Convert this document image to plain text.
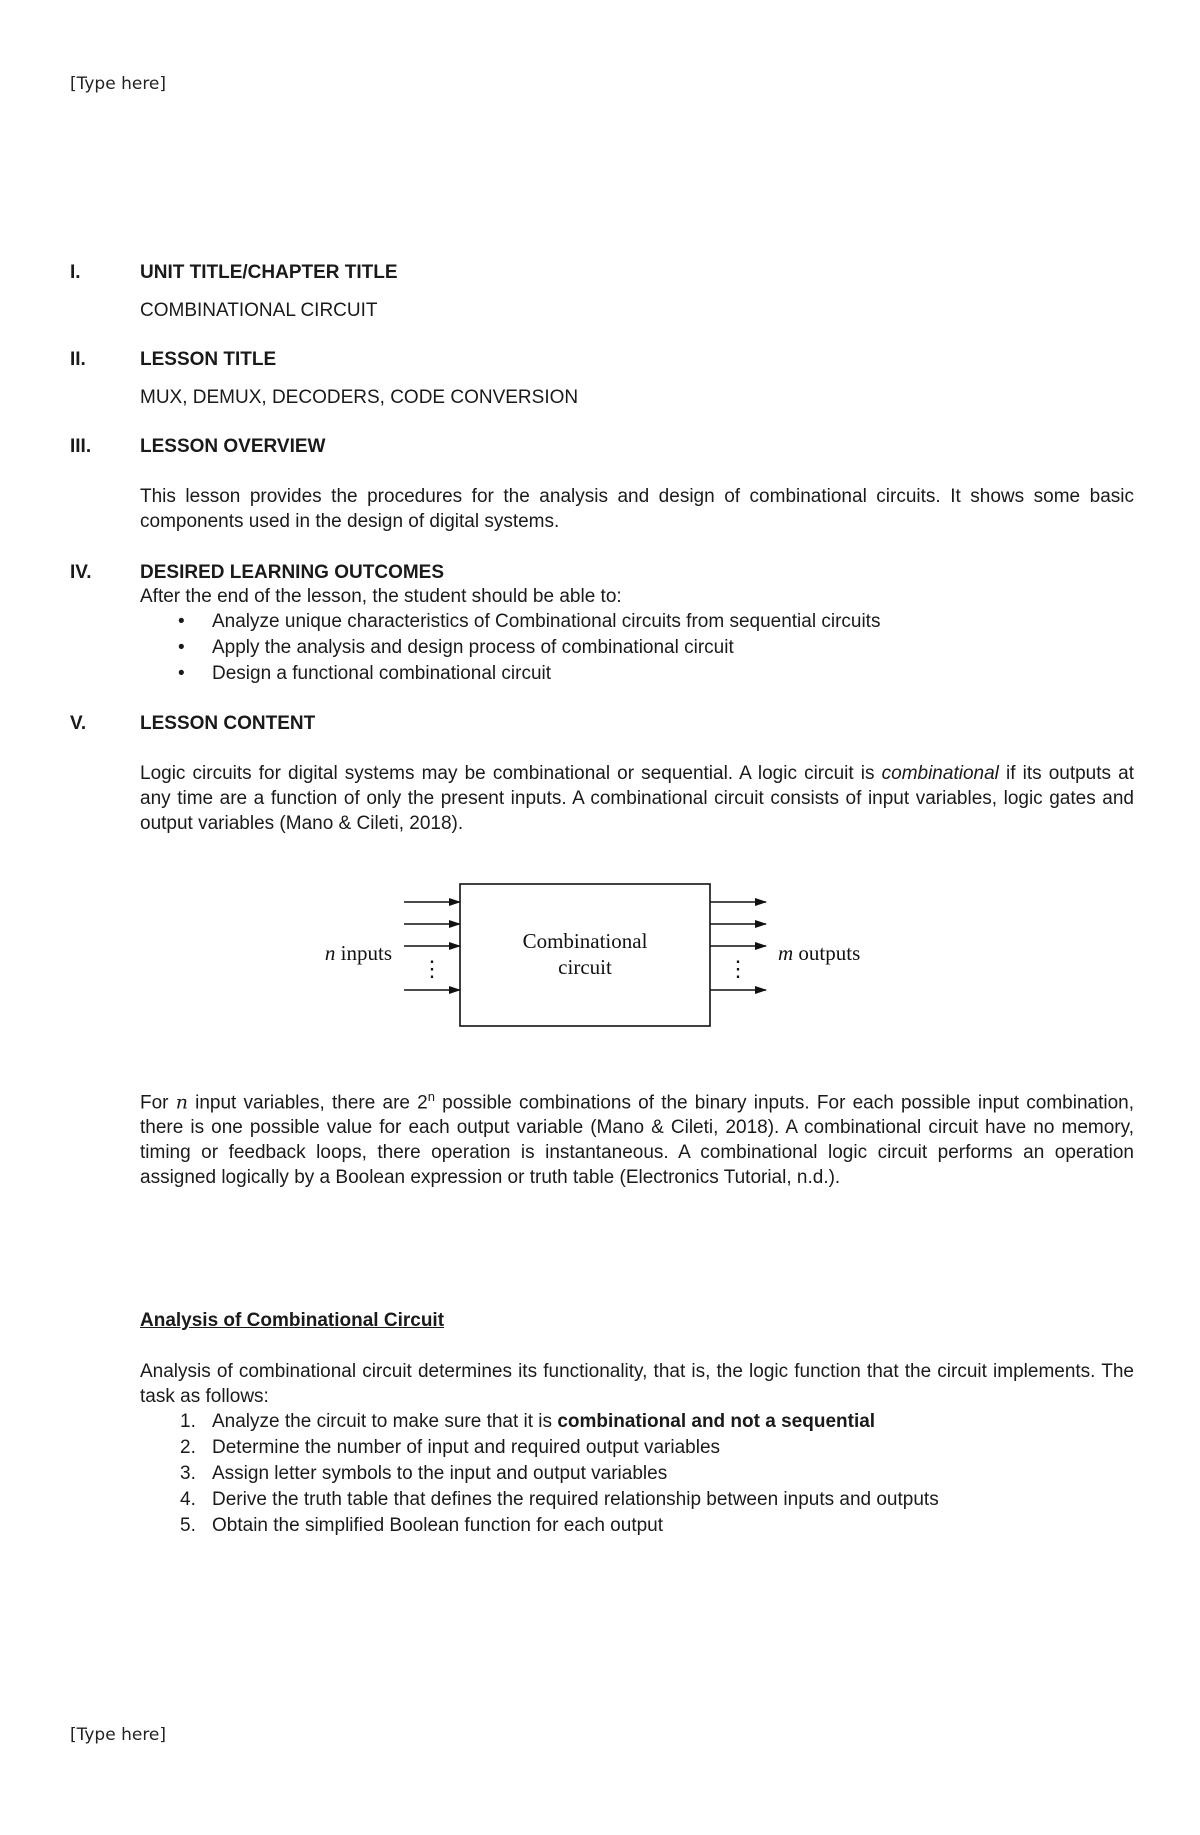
[Type here]
I.	UNIT TITLE/CHAPTER TITLE
COMBINATIONAL CIRCUIT
II.	LESSON TITLE
MUX, DEMUX, DECODERS, CODE CONVERSION
III.	LESSON OVERVIEW
This lesson provides the procedures for the analysis and design of combinational circuits. It shows some basic components used in the design of digital systems.
IV.	DESIRED LEARNING OUTCOMES
After the end of the lesson, the student should be able to:
•	Analyze unique characteristics of Combinational circuits from sequential circuits
•	Apply the analysis and design process of combinational circuit
•	Design a functional combinational circuit
V.	LESSON CONTENT
Logic circuits for digital systems may be combinational or sequential. A logic circuit is combinational if its outputs at any time are a function of only the present inputs. A combinational circuit consists of input variables, logic gates and output variables (Mano & Cileti, 2018).
⋮	⋮
Combinational
circuit
n inputs	m outputs
For n input variables, there are 2$^n$ possible combinations of the binary inputs. For each possible input combination, there is one possible value for each output variable (Mano & Cileti, 2018). A combinational circuit have no memory, timing or feedback loops, there operation is instantaneous. A combinational logic circuit performs an operation assigned logically by a Boolean expression or truth table (Electronics Tutorial, n.d.).
Analysis of Combinational Circuit
Analysis of combinational circuit determines its functionality, that is, the logic function that the circuit implements. The task as follows:
1. Analyze the circuit to make sure that it is combinational and not a sequential
2. Determine the number of input and required output variables
3. Assign letter symbols to the input and output variables
4. Derive the truth table that defines the required relationship between inputs and outputs
5. Obtain the simplified Boolean function for each output
[Type here]
